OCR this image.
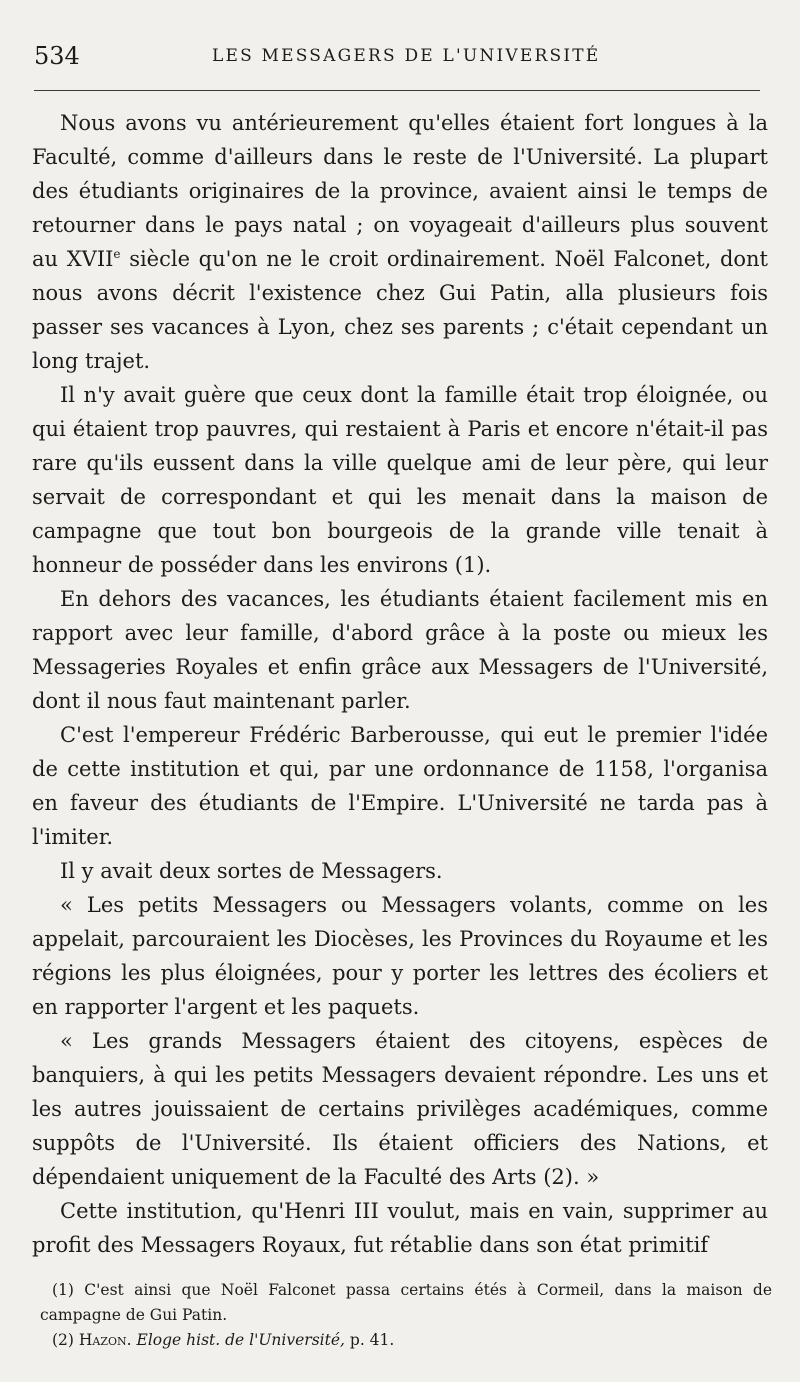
534	LES MESSAGERS DE L'UNIVERSITÉ

Nous avons vu antérieurement qu'elles étaient fort longues à la Faculté, comme d'ailleurs dans le reste de l'Université. La plupart des étudiants originaires de la province, avaient ainsi le temps de retourner dans le pays natal ; on voyageait d'ailleurs plus souvent au XVIIe siècle qu'on ne le croit ordinairement. Noël Falconet, dont nous avons décrit l'existence chez Gui Patin, alla plusieurs fois passer ses vacances à Lyon, chez ses parents ; c'était cependant un long trajet.

Il n'y avait guère que ceux dont la famille était trop éloignée, ou qui étaient trop pauvres, qui restaient à Paris et encore n'était-il pas rare qu'ils eussent dans la ville quelque ami de leur père, qui leur servait de correspondant et qui les menait dans la maison de campagne que tout bon bourgeois de la grande ville tenait à honneur de posséder dans les environs (1).

En dehors des vacances, les étudiants étaient facilement mis en rapport avec leur famille, d'abord grâce à la poste ou mieux les Messageries Royales et enfin grâce aux Messagers de l'Université, dont il nous faut maintenant parler.

C'est l'empereur Frédéric Barberousse, qui eut le premier l'idée de cette institution et qui, par une ordonnance de 1158, l'organisa en faveur des étudiants de l'Empire. L'Université ne tarda pas à l'imiter.

Il y avait deux sortes de Messagers.

« Les petits Messagers ou Messagers volants, comme on les appelait, parcouraient les Diocèses, les Provinces du Royaume et les régions les plus éloignées, pour y porter les lettres des écoliers et en rapporter l'argent et les paquets.

« Les grands Messagers étaient des citoyens, espèces de banquiers, à qui les petits Messagers devaient répondre. Les uns et les autres jouissaient de certains privilèges académiques, comme suppôts de l'Université. Ils étaient officiers des Nations, et dépendaient uniquement de la Faculté des Arts (2). »

Cette institution, qu'Henri III voulut, mais en vain, supprimer au profit des Messagers Royaux, fut rétablie dans son état primitif

(1) C'est ainsi que Noël Falconet passa certains étés à Cormeil, dans la maison de campagne de Gui Patin.

(2) Hazon. Eloge hist. de l'Université, p. 41.
